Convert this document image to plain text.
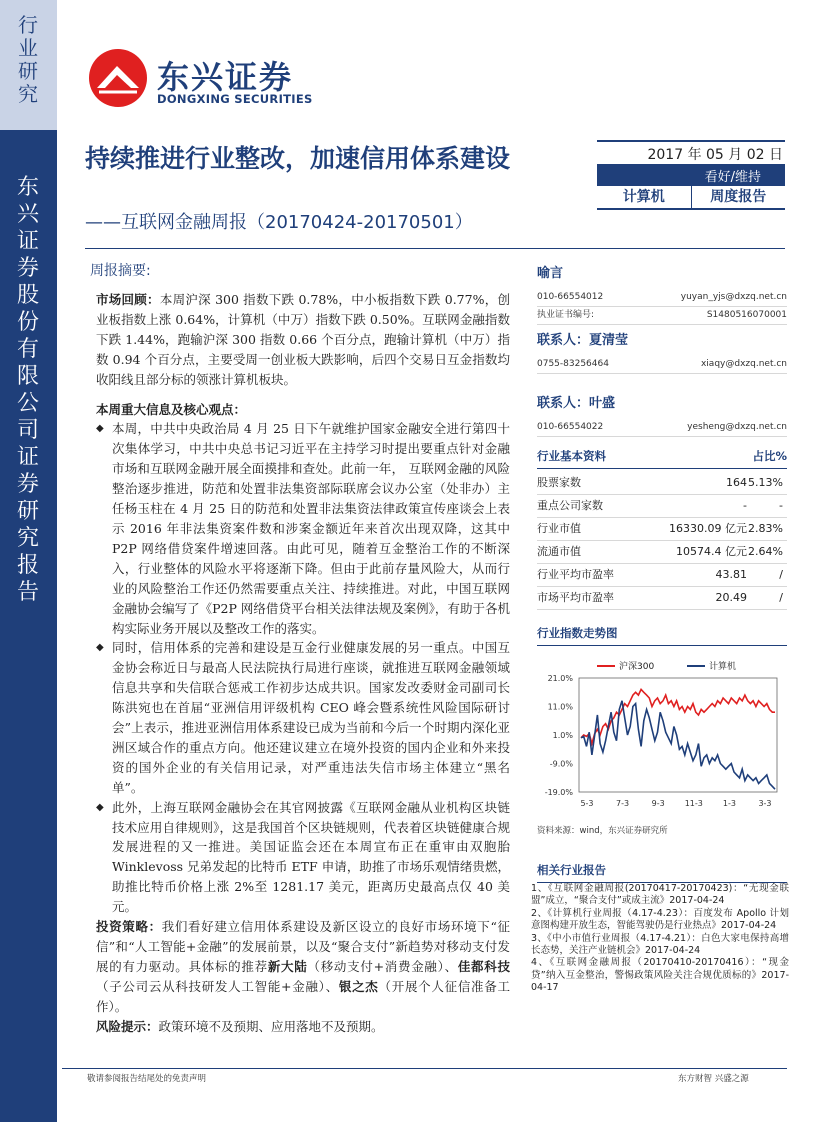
行业研究
东兴证券股份有限公司证券研究报告
东兴证券
DONGXING SECURITIES
持续推进行业整改，加速信用体系建设
——互联网金融周报（20170424-20170501）
2017 年 05 月 02 日
看好/维持
计算机	周度报告
周报摘要:

市场回顾：本周沪深 300 指数下跌 0.78%，中小板指数下跌 0.77%，创业板指数上涨 0.64%，计算机（中万）指数下跌 0.50%。互联网金融指数下跌 1.44%，跑输沪深 300 指数 0.66 个百分点，跑输计算机（中万）指数 0.94 个百分点，主要受周一创业板大跌影响，后四个交易日互金指数均收阳线且部分标的领涨计算机板块。

本周重大信息及核心观点：

◆ 本周，中共中央政治局 4 月 25 日下午就维护国家金融安全进行第四十次集体学习，中共中央总书记习近平在主持学习时提出要重点针对金融市场和互联网金融开展全面摸排和查处。此前一年， 互联网金融的风险整治逐步推进，防范和处置非法集资部际联席会议办公室（处非办）主任杨玉柱在 4 月 25 日的防范和处置非法集资法律政策宣传座谈会上表示 2016 年非法集资案件数和涉案金额近年来首次出现双降，这其中 P2P 网络借贷案件增速回落。由此可见，随着互金整治工作的不断深入，行业整体的风险水平将逐渐下降。但由于此前存量风险大，从而行业的风险整治工作还仍然需要重点关注、持续推进。对此，中国互联网金融协会编写了《P2P 网络借贷平台相关法律法规及案例》，有助于各机构实际业务开展以及整改工作的落实。

◆ 同时，信用体系的完善和建设是互金行业健康发展的另一重点。中国互金协会称近日与最高人民法院执行局进行座谈，就推进互联网金融领域信息共享和失信联合惩戒工作初步达成共识。国家发改委财金司副司长陈洪宛也在首届“亚洲信用评级机构 CEO 峰会暨系统性风险国际研讨会”上表示，推进亚洲信用体系建设已成为当前和今后一个时期内深化亚洲区域合作的重点方向。他还建议建立在境外投资的国内企业和外来投资的国外企业的有关信用记录，对严重违法失信市场主体建立“黑名单”。

◆ 此外，上海互联网金融协会在其官网披露《互联网金融从业机构区块链技术应用自律规则》，这是我国首个区块链规则，代表着区块链健康合规发展进程的又一推进。美国证监会还在本周宣布正在重审由双胞胎 Winklevoss 兄弟发起的比特币 ETF 申请，助推了市场乐观情绪贵燃，助推比特币价格上涨 2%至 1281.17 美元，距离历史最高点仅 40 美元。

投资策略：我们看好建立信用体系建设及新区设立的良好市场环境下“征信”和“人工智能+金融”的发展前景，以及“聚合支付”新趋势对移动支付发展的有力驱动。具体标的推荐新大陆（移动支付+消费金融）、佳都科技（子公司云从科技研发人工智能+金融）、银之杰（开展个人征信准备工作）。

风险提示：政策环境不及预期、应用落地不及预期。

喻言
010-66554012	yuyan_yjs@dxzq.net.cn
执业证书编号:	S1480516070001
联系人：夏清莹
0755-83256464	xiaqy@dxzq.net.cn
联系人：叶盛
010-66554022	yesheng@dxzq.net.cn
行业基本资料	占比%
股票家数	164 5.13%
重点公司家数	-	-
行业市值	16330.09 亿元 2.83%
流通市值	10574.4 亿元 2.64%
行业平均市盈率	43.81	/
市场平均市盈率	20.49	/
行业指数走势图
21.0%
11.0%
1.0%
-9.0%
-19.0%
5-3	7-3	9-3 11-3 1-3	3-3
沪深300	计算机
资料来源：wind，东兴证券研究所
相关行业报告
1、《互联网金融周报(20170417-20170423)：“无现金联盟”成立，“聚合支付”或成主流》2017-04-24
2、《计算机行业周报（4.17-4.23）：百度发布 Apollo 计划意图构建开放生态，智能驾驶仍是行业热点》2017-04-24
3、《中小市值行业周报（4.17-4.21）：白色大家电保持高增长态势，关注产业链机会》2017-04-24
4、《互联网金融周报（20170410-20170416）：“现金贷”纳入互金整治，警惕政策风险关注合规优质标的》2017-04-17
敬请参阅报告结尾处的免责声明	东方财智 兴盛之源
